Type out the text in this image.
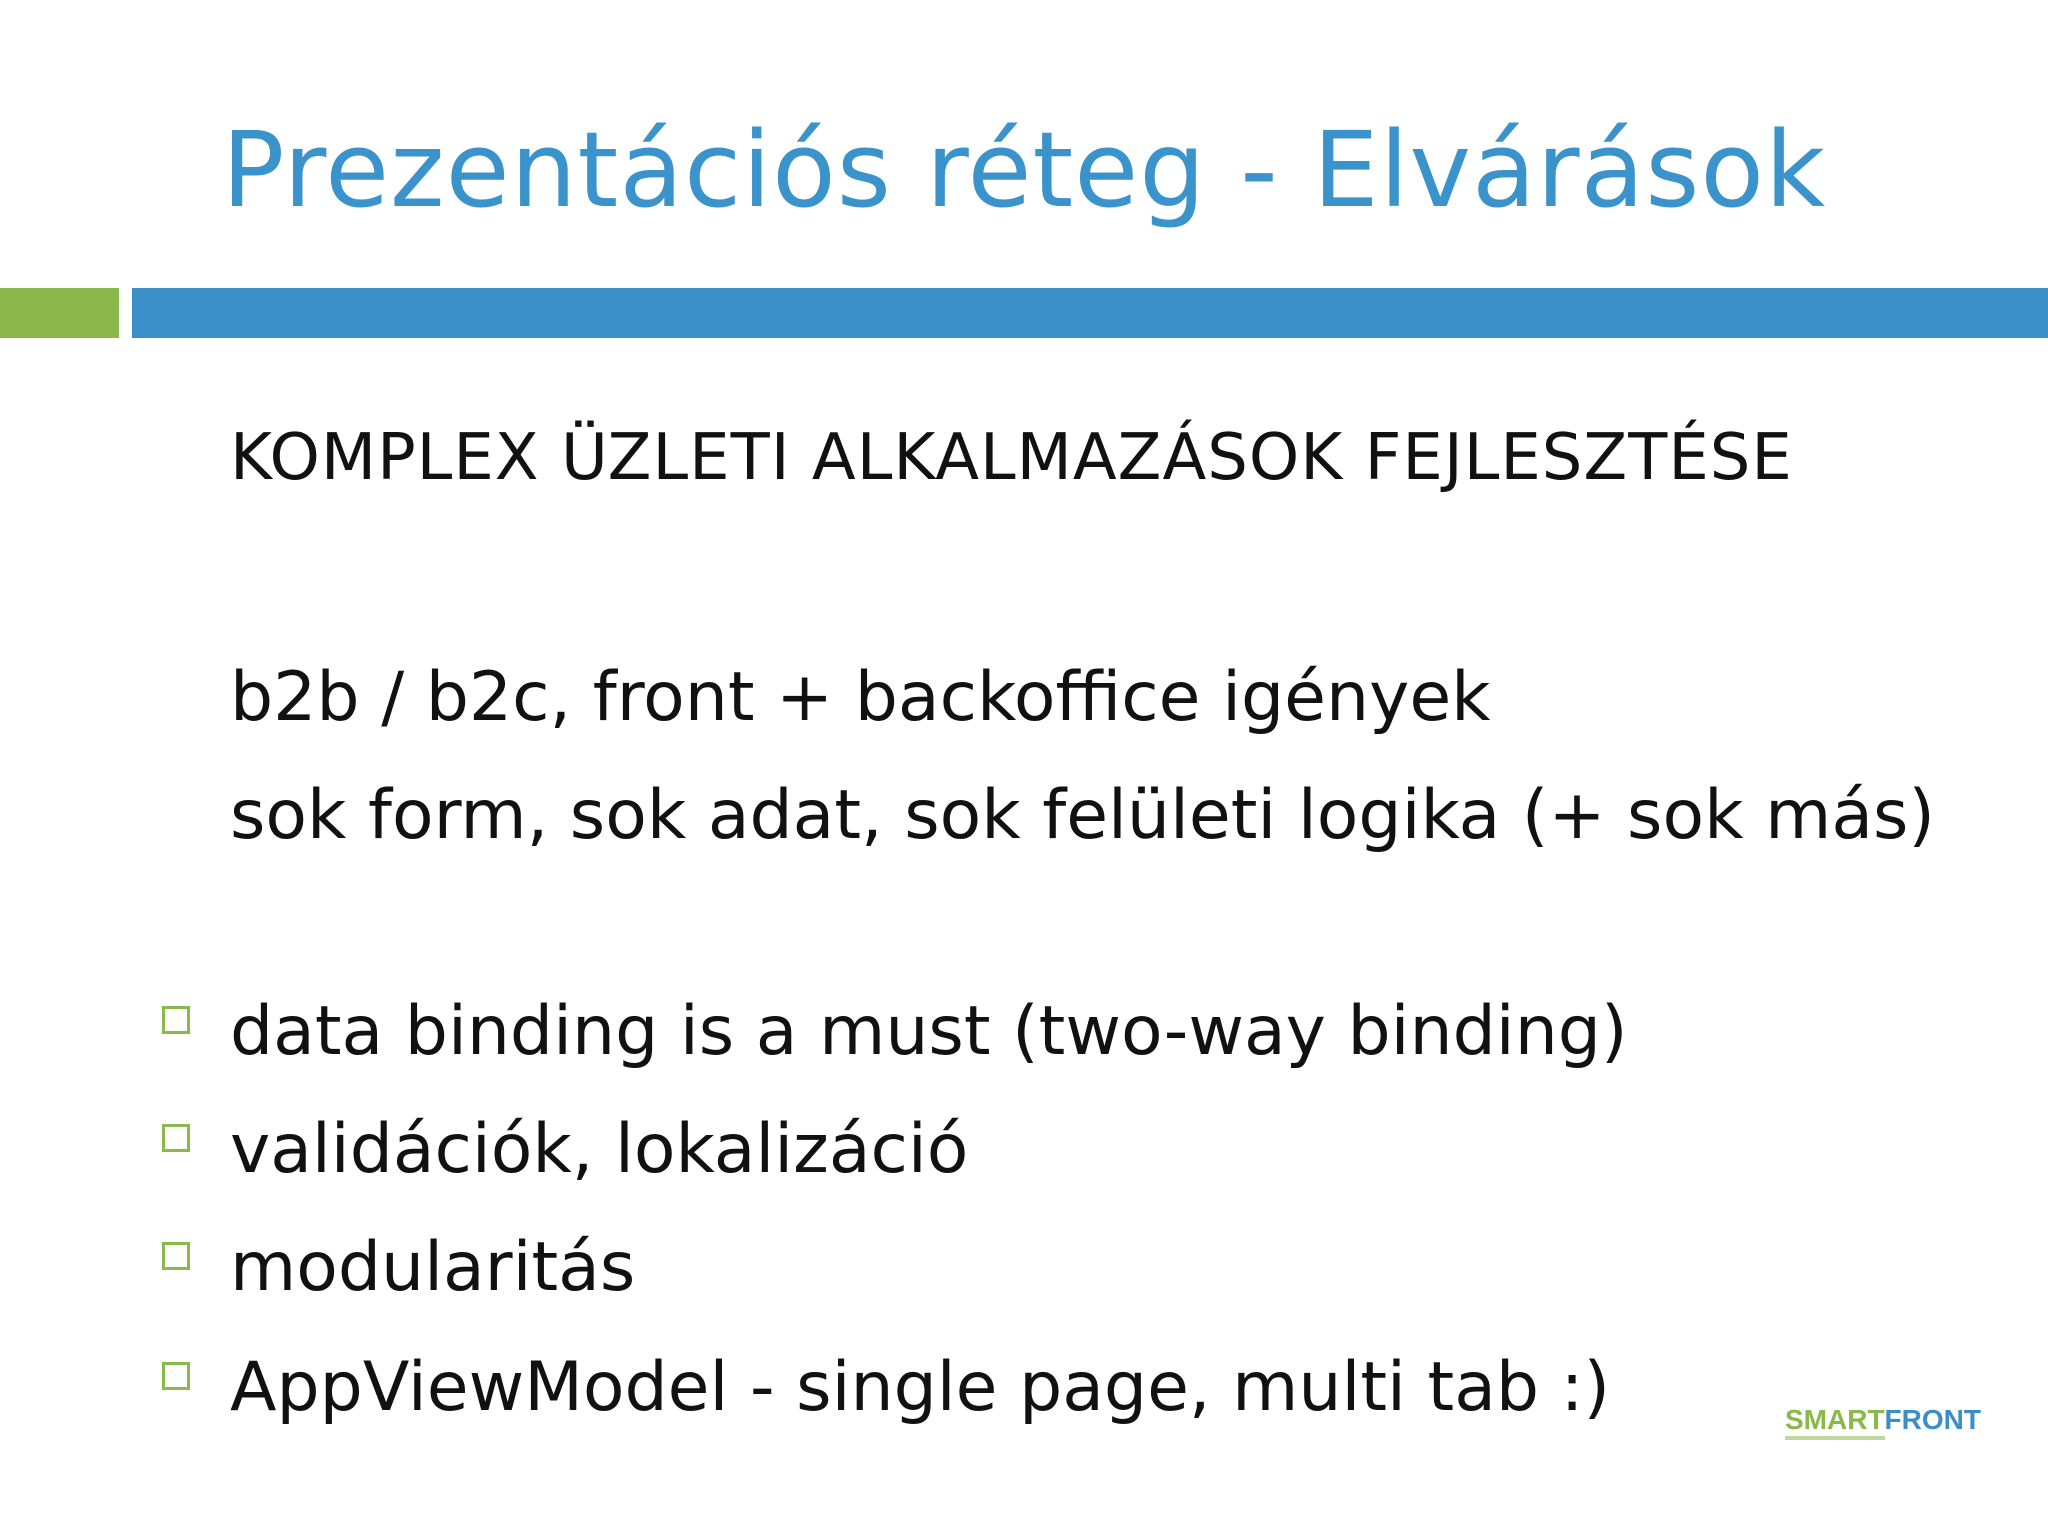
Prezentációs réteg - Elvárások
KOMPLEX ÜZLETI ALKALMAZÁSOK FEJLESZTÉSE
b2b / b2c, front + backoffice igények
sok form, sok adat, sok felületi logika (+ sok más)
data binding is a must (two-way binding)
validációk, lokalizáció
modularitás
AppViewModel - single page, multi tab :)	SMARTFRONT
